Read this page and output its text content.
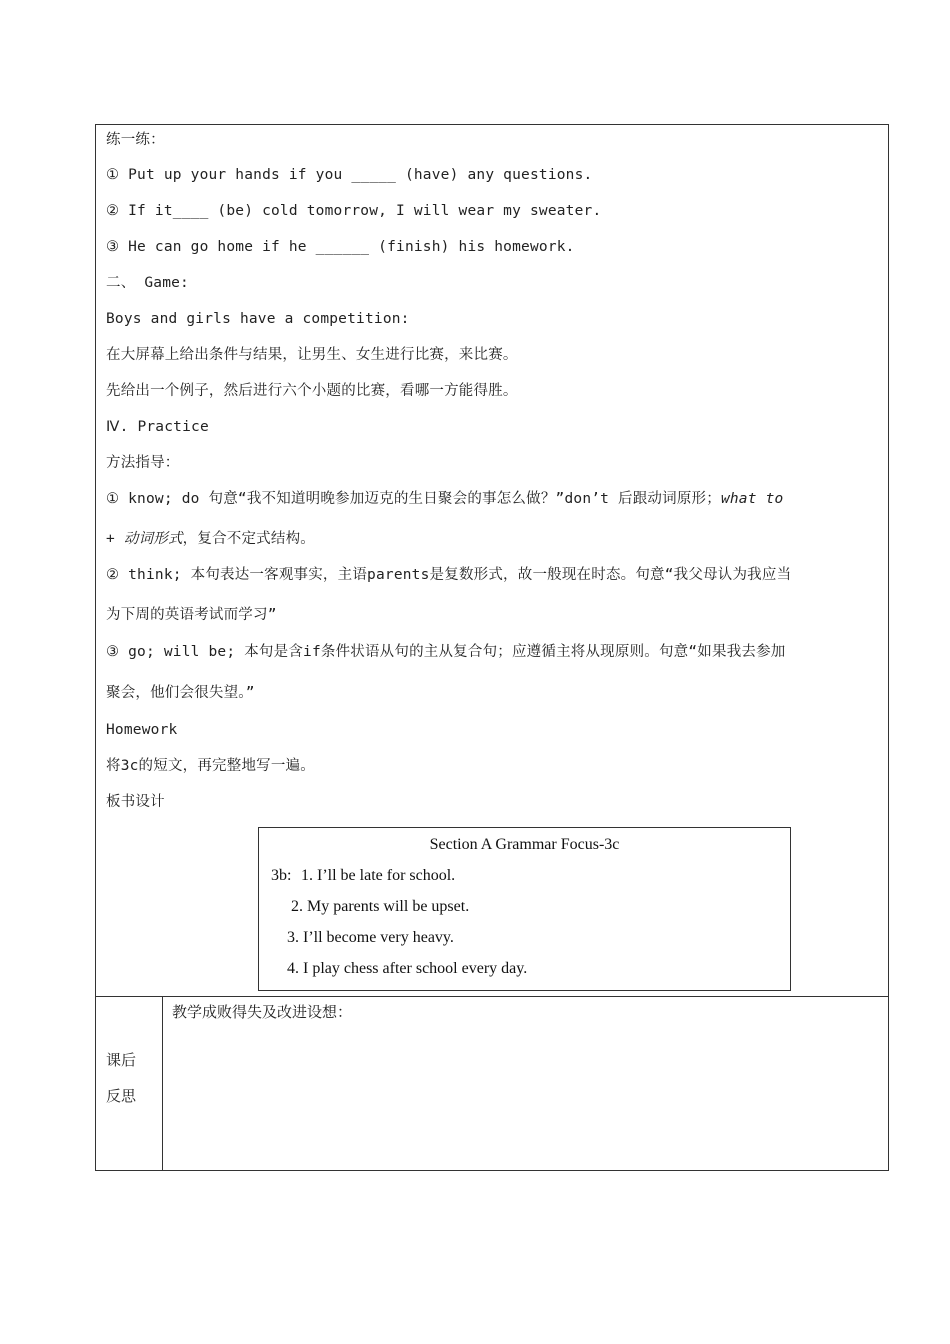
练一练：
① Put up your hands if you _____ (have) any questions.
② If it____ (be) cold tomorrow, I will wear my sweater.
③ He can go home if he ______ (finish) his homework.
二、 Game:
Boys and girls have a competition:
在大屏幕上给出条件与结果，让男生、女生进行比赛，来比赛。
先给出一个例子，然后进行六个小题的比赛，看哪一方能得胜。
Ⅳ. Practice
方法指导：
① know; do 句意“我不知道明晚参加迈克的生日聚会的事怎么做？”don’t 后跟动词原形；what to
+ 动词形式，复合不定式结构。
② think; 本句表达一客观事实，主语parents是复数形式，故一般现在时态。句意“我父母认为我应当
为下周的英语考试而学习”
③ go; will be; 本句是含if条件状语从句的主从复合句；应遵循主将从现原则。句意“如果我去参加
聚会，他们会很失望。”
Homework
将3c的短文，再完整地写一遍。
板书设计
Section A Grammar Focus-3c
3b: 1. I’ll be late for school.
2. My parents will be upset.
3. I’ll become very heavy.
4. I play chess after school every day.
课后
反思
教学成败得失及改进设想：
